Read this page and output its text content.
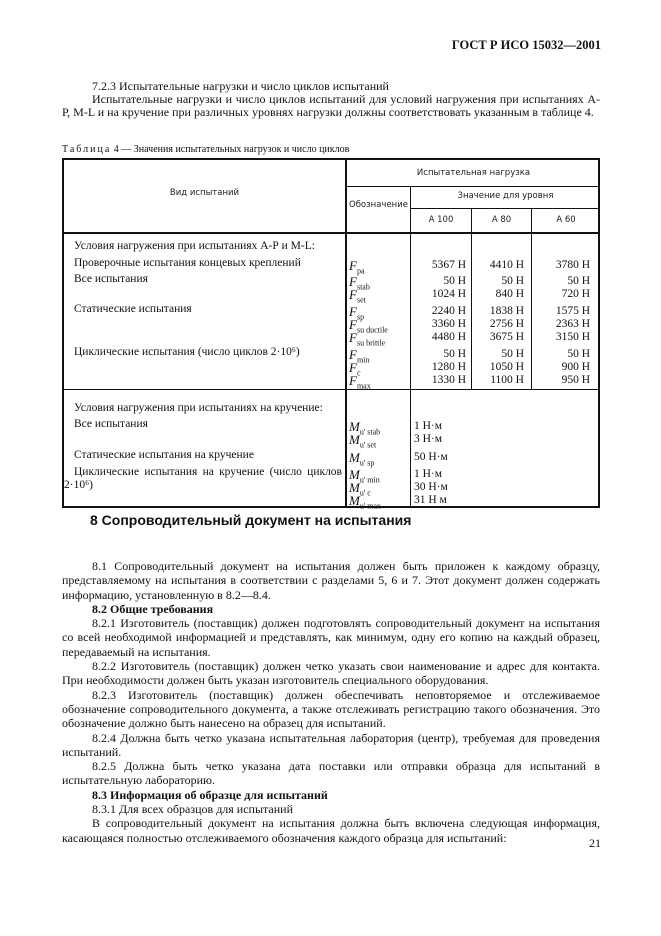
ГОСТ Р ИСО 15032—2001

7.2.3 Испытательные нагрузки и число циклов испытаний

Испытательные нагрузки и число циклов испытаний для условий нагружения при испытаниях А-Р, М-L и на кручение при различных уровнях нагрузки должны соответствовать указанным в таблице 4.

Таблица 4 — Значения испытательных нагрузок и число циклов
Вид испытаний
Испытательная нагрузка
Обозначение
Значение для уровня
А 100	А 80	А 60
Условия нагружения при испытаниях А-Р и М-L:
Проверочные испытания концевых креплений	$F_{pa}$	5367 Н	4410 Н	3780 Н
Все испытания	$F_{stab}$	50 Н	50 Н	50 Н
$F_{set}$	1024 Н	840 Н	720 Н
Статические испытания	$F_{sp}$	2240 Н	1838 Н	1575 Н
$F_{su ductile}$	3360 Н	2756 Н	2363 Н
$F_{su brittle}$	4480 Н	3675 Н	3150 Н
Циклические испытания (число циклов 2·10⁶)	$F_{min}$	50 Н	50 Н	50 Н
$F_c$	1280 Н	1050 Н	900 Н
$F_{max}$	1330 Н	1100 Н	950 Н
Условия нагружения при испытаниях на кручение:
Все испытания	$M_{u' stab}$	1 Н·м
$M_{u' set}$	3 Н·м
Статические испытания на кручение	$M_{u' sp}$	50 Н·м
Циклические испытания на кручение (число циклов 2·10⁶)
$M_{u' min}$	1 Н·м
$M_{u' c}$	30 Н·м
$M_{u' max}$	31 Н м
8 Сопроводительный документ на испытания

8.1 Сопроводительный документ на испытания должен быть приложен к каждому образцу, представляемому на испытания в соответствии с разделами 5, 6 и 7. Этот документ должен содержать информацию, установленную в 8.2—8.4.

8.2 Общие требования

8.2.1 Изготовитель (поставщик) должен подготовлять сопроводительный документ на испытания со всей необходимой информацией и представлять, как минимум, одну его копию на каждый образец, передаваемый на испытания.

8.2.2 Изготовитель (поставщик) должен четко указать свои наименование и адрес для контакта. При необходимости должен быть указан изготовитель специального оборудования.

8.2.3 Изготовитель (поставщик) должен обеспечивать неповторяемое и отслеживаемое обозначение сопроводительного документа, а также отслеживать регистрацию такого обозначения. Это обозначение должно быть нанесено на образец для испытаний.

8.2.4 Должна быть четко указана испытательная лаборатория (центр), требуемая для проведения испытаний.

8.2.5 Должна быть четко указана дата поставки или отправки образца для испытаний в испытательную лабораторию.

8.3 Информация об образце для испытаний

8.3.1 Для всех образцов для испытаний

В сопроводительный документ на испытания должна быть включена следующая информация, касающаяся полностью отслеживаемого обозначения каждого образца для испытаний:	21
